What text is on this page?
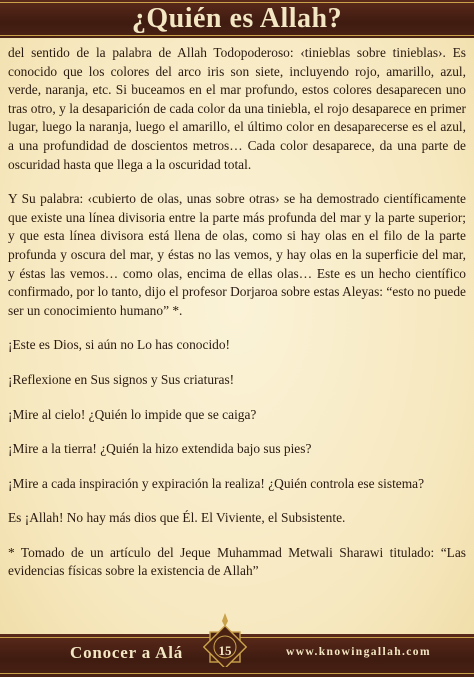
¿Quién es Allah?

del sentido de la palabra de Allah Todopoderoso: ‹tinieblas sobre tinieblas›. Es conocido que los colores del arco iris son siete, incluyendo rojo, amarillo, azul, verde, naranja, etc. Si buceamos en el mar profundo, estos colores desaparecen uno tras otro, y la desaparición de cada color da una tiniebla, el rojo desaparece en primer lugar, luego la naranja, luego el amarillo, el último color en desaparecerse es el azul, a una profundidad de doscientos metros… Cada color desaparece, da una parte de oscuridad hasta que llega a la oscuridad total.

Y Su palabra: ‹cubierto de olas, unas sobre otras› se ha demostrado científicamente que existe una línea divisoria entre la parte más profunda del mar y la parte superior; y que esta línea divisora está llena de olas, como si hay olas en el filo de la parte profunda y oscura del mar, y éstas no las vemos, y hay olas en la superficie del mar, y éstas las vemos… como olas, encima de ellas olas… Este es un hecho científico confirmado, por lo tanto, dijo el profesor Dorjaroa sobre estas Aleyas: “esto no puede ser un conocimiento humano” *.

¡Este es Dios, si aún no Lo has conocido!

¡Reflexione en Sus signos y Sus criaturas!

¡Mire al cielo! ¿Quién lo impide que se caiga?

¡Mire a la tierra! ¿Quién la hizo extendida bajo sus pies?

¡Mire a cada inspiración y expiración la realiza! ¿Quién controla ese sistema?

Es ¡Allah! No hay más dios que Él. El Viviente, el Subsistente.

* Tomado de un artículo del Jeque Muhammad Metwali Sharawi titulado: “Las evidencias físicas sobre la existencia de Allah”

Conocer a Alá	www.knowingallah.com
15
